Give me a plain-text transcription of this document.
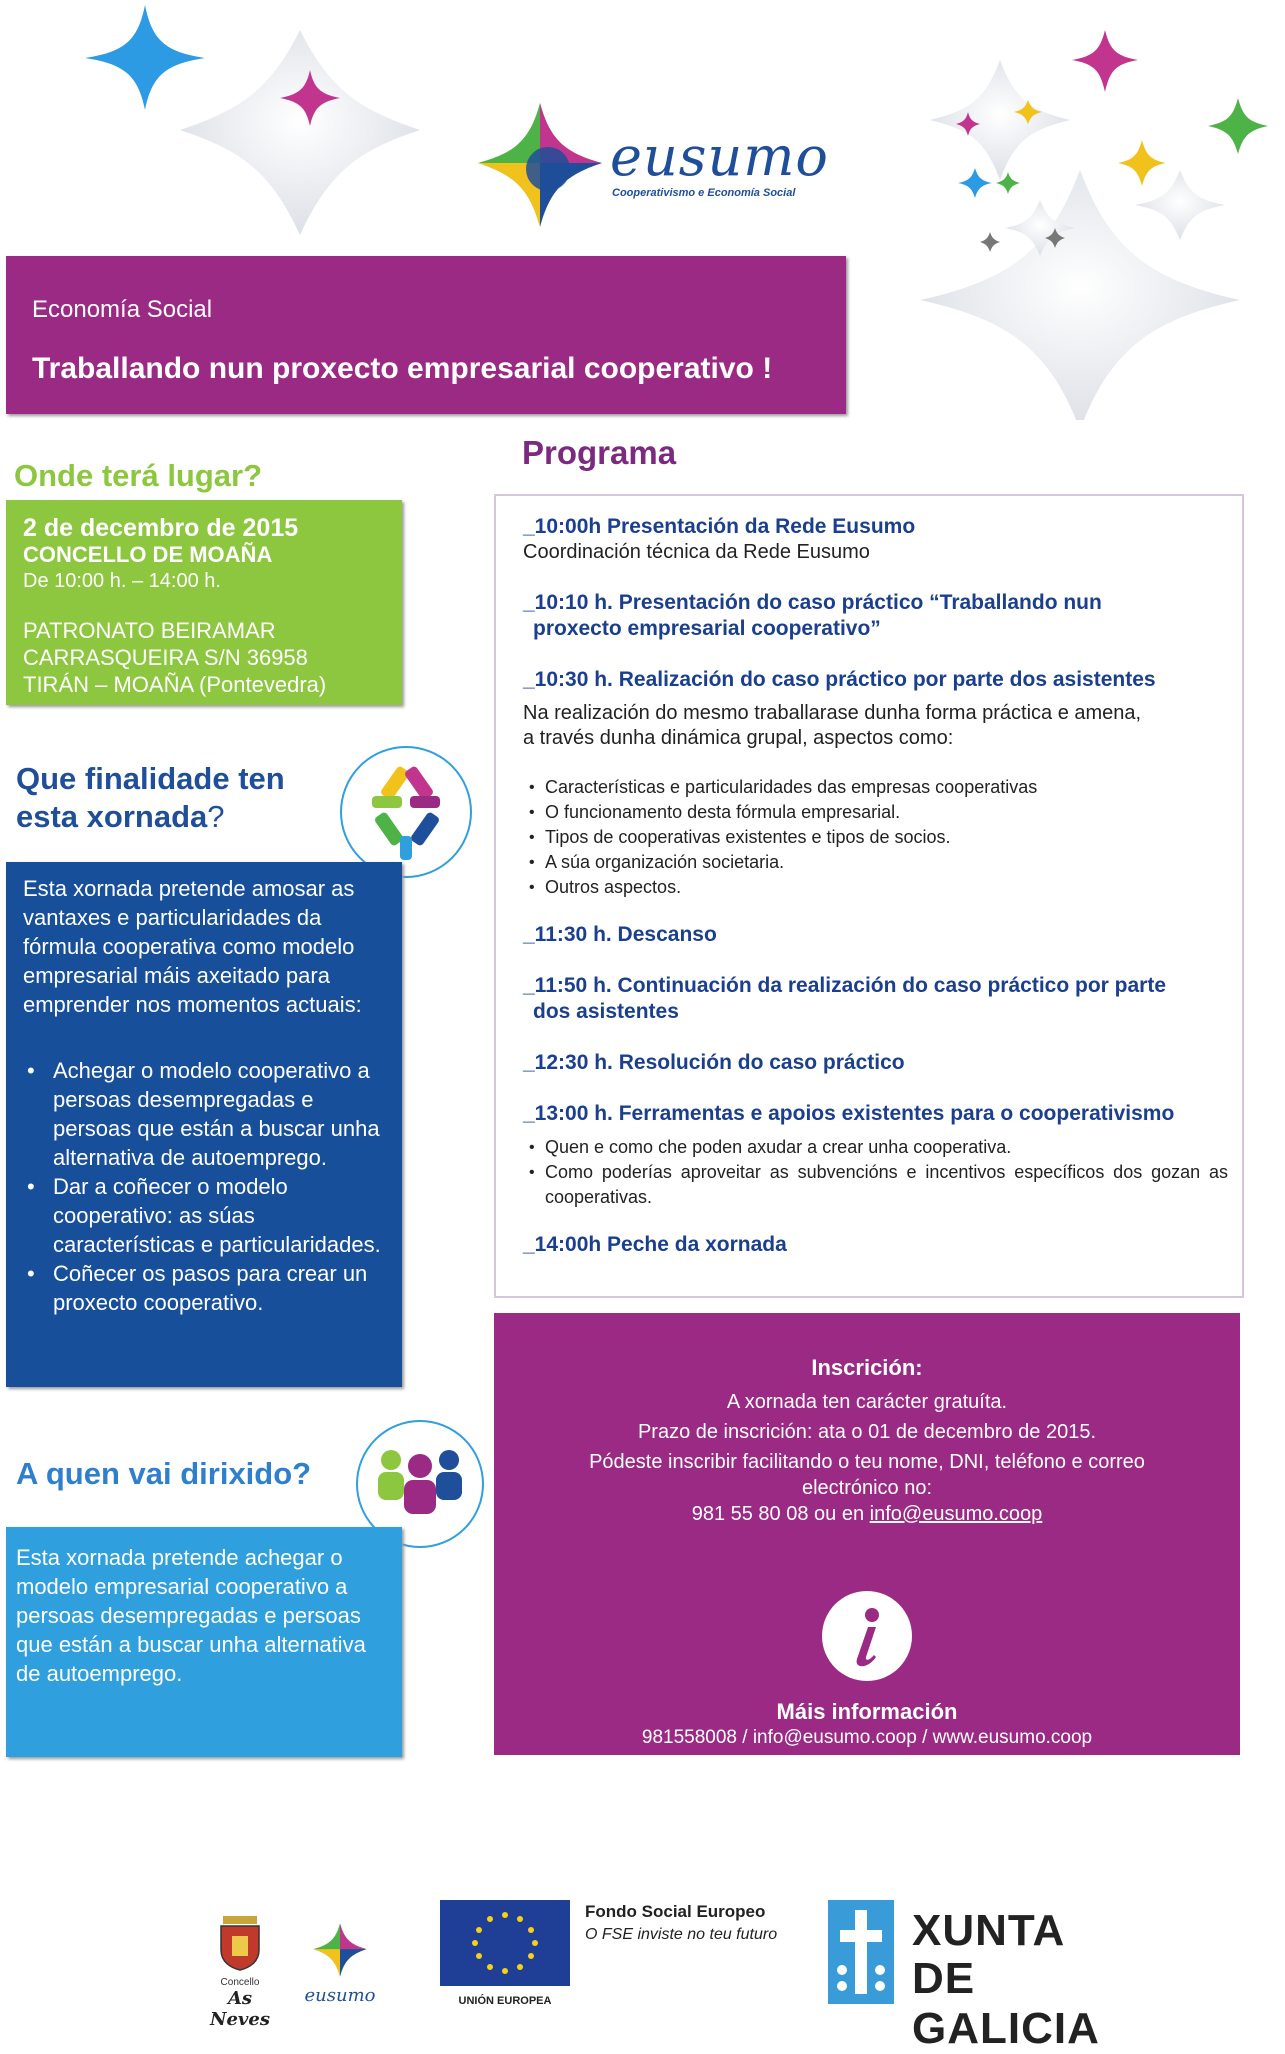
eusumo
Cooperativismo e Economía Social
Economía Social
Traballando nun proxecto empresarial cooperativo !
Onde terá lugar?
2 de decembro de 2015
CONCELLO DE MOAÑA
De 10:00 h. – 14:00 h.
PATRONATO BEIRAMAR
CARRASQUEIRA S/N 36958
TIRÁN – MOAÑA (Pontevedra)
Que finalidade ten
esta xornada?
Esta xornada pretende amosar as vantaxes e particularidades da fórmula cooperativa como modelo empresarial máis axeitado para emprender nos momentos actuais:
• Achegar o modelo cooperativo a persoas desempregadas e persoas que están a buscar unha alternativa de autoemprego.
• Dar a coñecer o modelo cooperativo: as súas características e particularidades.
• Coñecer os pasos para crear un proxecto cooperativo.
A quen vai dirixido?
Esta xornada pretende achegar o modelo empresarial cooperativo a persoas desempregadas e persoas que están a buscar unha alternativa de autoemprego.
Programa
_10:00h Presentación da Rede Eusumo
Coordinación técnica da Rede Eusumo
_10:10 h. Presentación do caso práctico “Traballando nun
proxecto empresarial cooperativo”
_10:30 h. Realización do caso práctico por parte dos asistentes
Na realización do mesmo traballarase dunha forma práctica e amena,
a través dunha dinámica grupal, aspectos como:
• Características e particularidades das empresas cooperativas
• O funcionamento desta fórmula empresarial.
• Tipos de cooperativas existentes e tipos de socios.
• A súa organización societaria.
• Outros aspectos.
_11:30 h. Descanso
_11:50 h. Continuación da realización do caso práctico por parte
dos asistentes
_12:30 h. Resolución do caso práctico
_13:00 h. Ferramentas e apoios existentes para o cooperativismo
• Quen e como che poden axudar a crear unha cooperativa.
• Como poderías aproveitar as subvencións e incentivos específicos dos gozan as cooperativas.
_14:00h Peche da xornada
Inscrición:
A xornada ten carácter gratuíta.
Prazo de inscrición: ata o 01 de decembro de 2015.
Pódeste inscribir facilitando o teu nome, DNI, teléfono e correo
electrónico no:
981 55 80 08 ou en info@eusumo.coop
Máis información
981558008 / info@eusumo.coop / www.eusumo.coop
Concello
As Neves
eusumo	UNIÓN EUROPEA
Fondo Social Europeo
O FSE inviste no teu futuro	XUNTA
DE GALICIA
